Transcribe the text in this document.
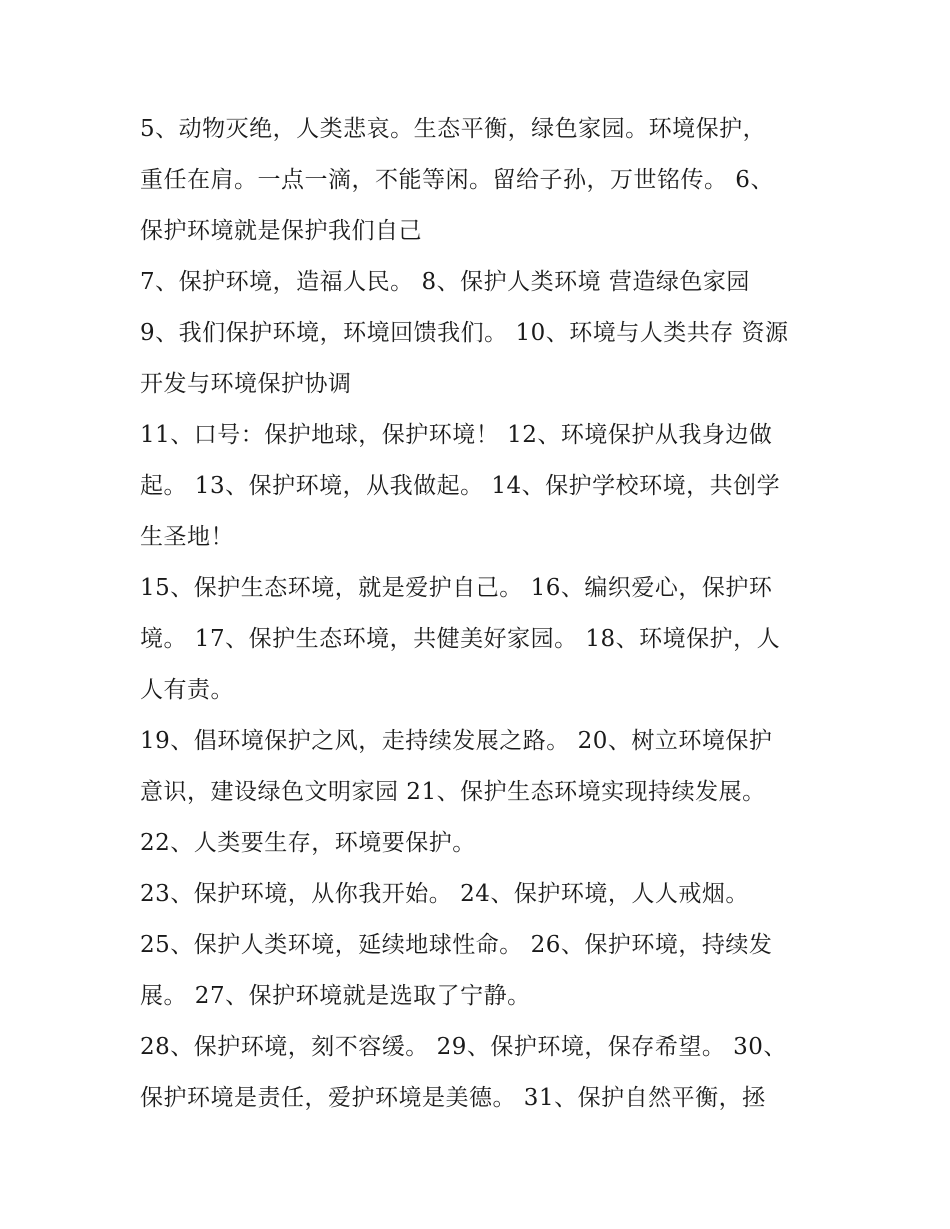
5、动物灭绝，人类悲哀。生态平衡，绿色家园。环境保护，
重任在肩。一点一滴，不能等闲。留给子孙，万世铭传。 6、
保护环境就是保护我们自己
7、保护环境，造福人民。 8、保护人类环境 营造绿色家园
9、我们保护环境，环境回馈我们。 10、环境与人类共存 资源
开发与环境保护协调
11、口号：保护地球，保护环境！ 12、环境保护从我身边做
起。 13、保护环境，从我做起。 14、保护学校环境，共创学
生圣地！
15、保护生态环境，就是爱护自己。 16、编织爱心，保护环
境。 17、保护生态环境，共健美好家园。 18、环境保护，人
人有责。
19、倡环境保护之风，走持续发展之路。 20、树立环境保护
意识，建设绿色文明家园 21、保护生态环境实现持续发展。
22、人类要生存，环境要保护。
23、保护环境，从你我开始。 24、保护环境，人人戒烟。
25、保护人类环境，延续地球性命。 26、保护环境，持续发
展。 27、保护环境就是选取了宁静。
28、保护环境，刻不容缓。 29、保护环境，保存希望。 30、
保护环境是责任，爱护环境是美德。 31、保护自然平衡，拯
